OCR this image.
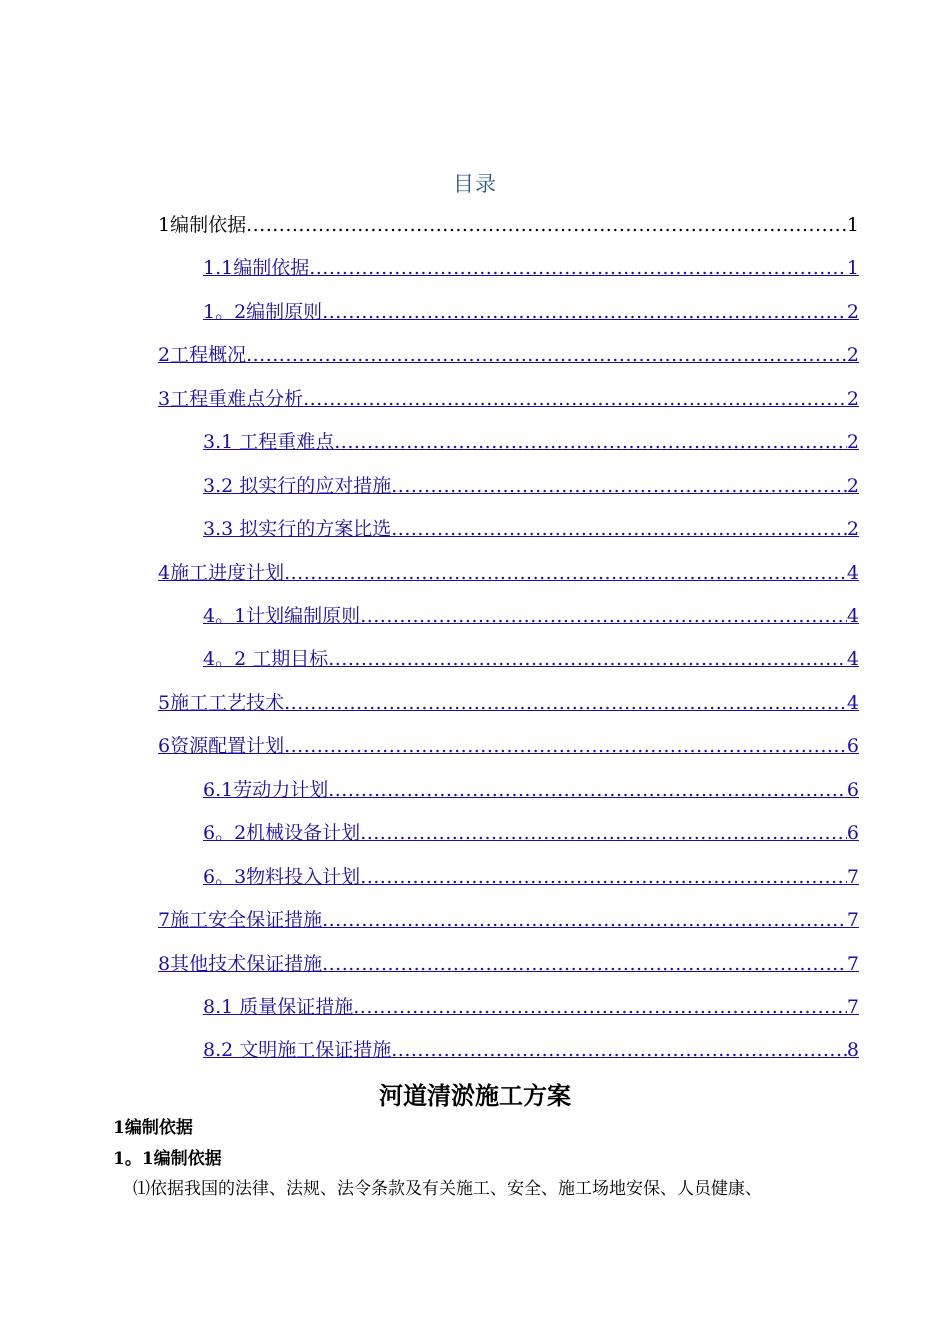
目录
1编制依据 .....	1
1.1编制依据 .....	1
1。2编制原则 .....	2
2工程概况 .....	2
3工程重难点分析 .....	2
3.1 工程重难点 .....	2
3.2 拟实行的应对措施 .....	2
3.3 拟实行的方案比选 .....	2
4施工进度计划 .....	4
4。1计划编制原则 .....	4
4。2 工期目标 .....	4
5施工工艺技术 .....	4
6资源配置计划 .....	6
6.1劳动力计划 .....	6
6。2机械设备计划 .....	6
6。3物料投入计划 .....	7
7施工安全保证措施 .....	7
8其他技术保证措施 .....	7
8.1 质量保证措施 .....	7
8.2 文明施工保证措施 .....	8
河道清淤施工方案
1编制依据
1。1编制依据
⑴依据我国的法律、法规、法令条款及有关施工、安全、施工场地安保、人员健康、
